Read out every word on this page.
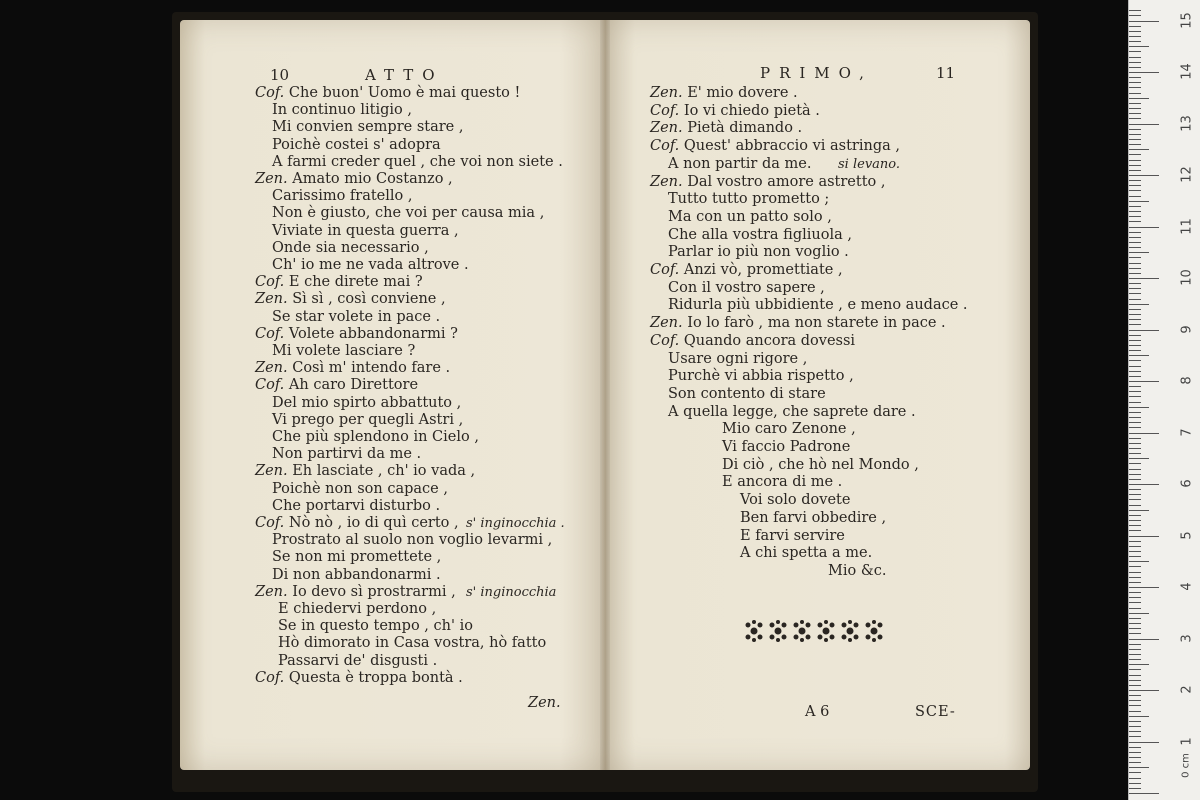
10	ATTO	PRIMO,	11
Cof. Che buon' Uomo è mai questo !
In continuo litigio ,
Mi convien sempre stare ,
Poichè costei s' adopra
A farmi creder quel , che voi non siete .
Zen. Amato mio Costanzo ,
Carissimo fratello ,
Non è giusto, che voi per causa mia ,
Viviate in questa guerra ,
Onde sia necessario ,
Ch' io me ne vada altrove .
Cof. E che direte mai ?
Zen. Sì sì , così conviene ,
Se star volete in pace .
Cof. Volete abbandonarmi ?
Mi volete lasciare ?
Zen. Così m' intendo fare .
Cof. Ah caro Direttore
Del mio spirto abbattuto ,
Vi prego per quegli Astri ,
Che più splendono in Cielo ,
Non partirvi da me .
Zen. Eh lasciate , ch' io vada ,
Poichè non son capace ,
Che portarvi disturbo .
Cof. Nò nò , io di quì certo , s' inginocchia .
Prostrato al suolo non voglio levarmi ,
Se non mi promettete ,
Di non abbandonarmi .
Zen. Io devo sì prostrarmi , s' inginocchia
E chiedervi perdono ,
Se in questo tempo , ch' io
Hò dimorato in Casa vostra, hò fatto
Passarvi de' disgusti .
Cof. Questa è troppa bontà .
Zen. E' mio dovere .
Cof. Io vi chiedo pietà .
Zen. Pietà dimando .
Cof. Quest' abbraccio vi astringa ,
A non partir da me. si levano.
Zen. Dal vostro amore astretto ,
Tutto tutto prometto ;
Ma con un patto solo ,
Che alla vostra figliuola ,
Parlar io più non voglio .
Cof. Anzi vò, promettiate ,
Con il vostro sapere ,
Ridurla più ubbidiente , e meno audace .
Zen. Io lo farò , ma non starete in pace .
Cof. Quando ancora dovessi
Usare ogni rigore ,
Purchè vi abbia rispetto ,
Son contento di stare
A quella legge, che saprete dare .
Mio caro Zenone ,
Vi faccio Padrone
Di ciò , che hò nel Mondo ,
E ancora di me .
Voi solo dovete
Ben farvi obbedire ,
E farvi servire
A chi spetta a me.
Mio &c.
Zen.
A 6	SCE-
0 cm
1
2
3
4
5
6
7
8
9
10
11
12
13
14
15
